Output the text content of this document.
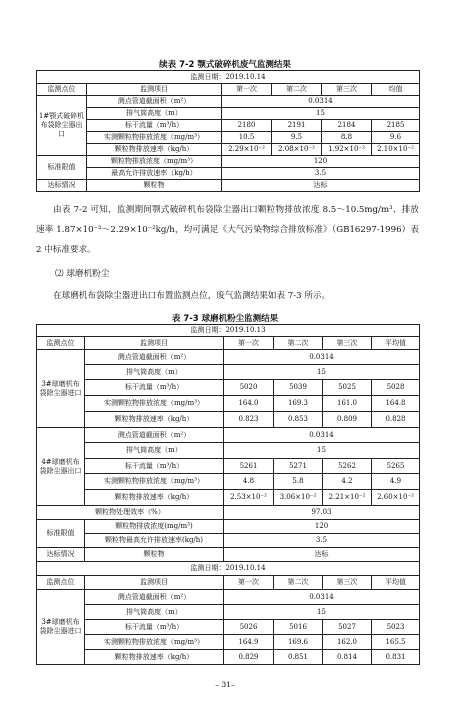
续表 7-2 颚式破碎机废气监测结果
监测日期：2019.10.14					
监测点位	监测项目	第一次	第二次	第三次	均值
1#颚式破碎机布袋除尘器出口	测点管道截面积（m²）	0.0314			
	排气筒高度（m）	15			
	标干流量（m³/h）	2180	2191	2184	2185
	实测颗粒物排放浓度（mg/m³）	10.5	9.5	8.8	9.6
	颗粒物排放速率（kg/h）	2.29×10⁻²	2.08×10⁻²	1.92×10⁻²	2.10×10⁻²
标准限值	颗粒物排放浓度（mg/m³）	120			
	最高允许排放速率（kg/h）	3.5			
达标情况	颗粒物	达标			
由表 7-2 可知，监测期间颚式破碎机布袋除尘器出口颗粒物排放浓度 8.5～10.5mg/m³、排放速率 1.87×10⁻²～2.29×10⁻²kg/h，均可满足《大气污染物综合排放标准》（GB16297-1996）表 2 中标准要求。
⑵ 球磨机粉尘
在球磨机布袋除尘器进出口布置监测点位，废气监测结果如表 7-3 所示。
表 7-3 球磨机粉尘监测结果
监测日期：2019.10.13					
监测点位	监测项目	第一次	第二次	第三次	平均值
3#球磨机布袋除尘器进口	测点管道截面积（m²）	0.0314			
	排气筒高度（m）	15			
	标干流量（m³/h）	5020	5039	5025	5028
	实测颗粒物排放浓度（mg/m³）	164.0	169.3	161.0	164.8
	颗粒物排放速率（kg/h）	0.823	0.853	0.809	0.828
4#球磨机布袋除尘器出口	测点管道截面积（m²）	0.0314			
	排气筒高度（m）	15			
	标干流量（m³/h）	5261	5271	5262	5265
	实测颗粒物排放浓度（mg/m³）	4.8	5.8	4.2	4.9
	颗粒物排放速率（kg/h）	2.53×10⁻²	3.06×10⁻²	2.21×10⁻²	2.60×10⁻²
颗粒物处理效率（%）		97.03			
标准限值	颗粒物排放浓度(mg/m³)	120			
	颗粒物最高允许排放速率(kg/h)	3.5			
达标情况	颗粒物	达标			
监测日期：2019.10.14					
监测点位	监测项目	第一次	第二次	第三次	平均值
3#球磨机布袋除尘器进口	测点管道截面积（m²）	0.0314			
	排气筒高度（m）	15			
	标干流量（m³/h）	5026	5016	5027	5023
	实测颗粒物排放浓度（mg/m³）	164.9	169.6	162.0	165.5
	颗粒物排放速率（kg/h）	0.829	0.851	0.814	0.831
– 31–
